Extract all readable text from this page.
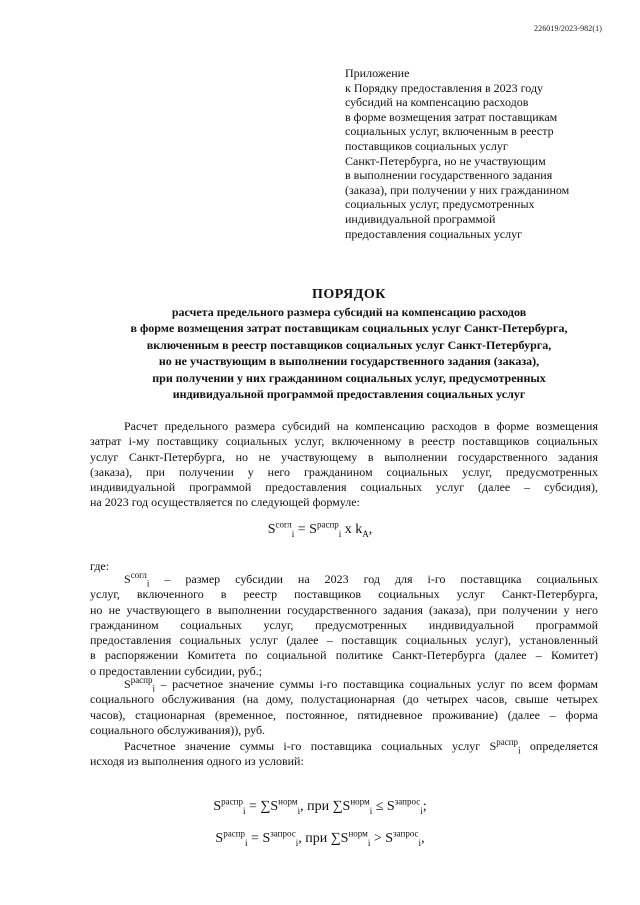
226019/2023-982(1)
Приложение
к Порядку предоставления в 2023 году
субсидий на компенсацию расходов
в форме возмещения затрат поставщикам
социальных услуг, включенным в реестр
поставщиков социальных услуг
Санкт-Петербурга, но не участвующим
в выполнении государственного задания
(заказа), при получении у них гражданином
социальных услуг, предусмотренных
индивидуальной программой
предоставления социальных услуг
ПОРЯДОК
расчета предельного размера субсидий на компенсацию расходов
в форме возмещения затрат поставщикам социальных услуг Санкт-Петербурга,
включенным в реестр поставщиков социальных услуг Санкт-Петербурга,
но не участвующим в выполнении государственного задания (заказа),
при получении у них гражданином социальных услуг, предусмотренных
индивидуальной программой предоставления социальных услуг
Расчет предельного размера субсидий на компенсацию расходов в форме возмещения
затрат i-му поставщику социальных услуг, включенному в реестр поставщиков социальных
услуг Санкт-Петербурга, но не участвующему в выполнении государственного задания
(заказа), при получении у него гражданином социальных услуг, предусмотренных
индивидуальной программой предоставления социальных услуг (далее – субсидия),
на 2023 год осуществляется по следующей формуле:
$S^{согл}_i = S^{распр}_i$ х $k_А$,
где:
$S^{согл}_i$ – размер субсидии на 2023 год для i-го поставщика социальных
услуг, включенного в реестр поставщиков социальных услуг Санкт-Петербурга,
но не участвующего в выполнении государственного задания (заказа), при получении у него
гражданином социальных услуг, предусмотренных индивидуальной программой
предоставления социальных услуг (далее – поставщик социальных услуг), установленный
в распоряжении Комитета по социальной политике Санкт-Петербурга (далее – Комитет)
о предоставлении субсидии, руб.;
$S^{распр}_i$ – расчетное значение суммы i-го поставщика социальных услуг по всем формам
социального обслуживания (на дому, полустационарная (до четырех часов, свыше четырех
часов), стационарная (временное, постоянное, пятидневное проживание) (далее – форма
социального обслуживания)), руб.
Расчетное значение суммы i-го поставщика социальных услуг $S^{распр}_i$ определяется
исходя из выполнения одного из условий:
$S^{распр}_i = \sum S^{норм}_i$, при $\sum S^{норм}_i \le S^{запрос}_i$;
$S^{распр}_i = S^{запрос}_i$, при $\sum S^{норм}_i > S^{запрос}_i$,
